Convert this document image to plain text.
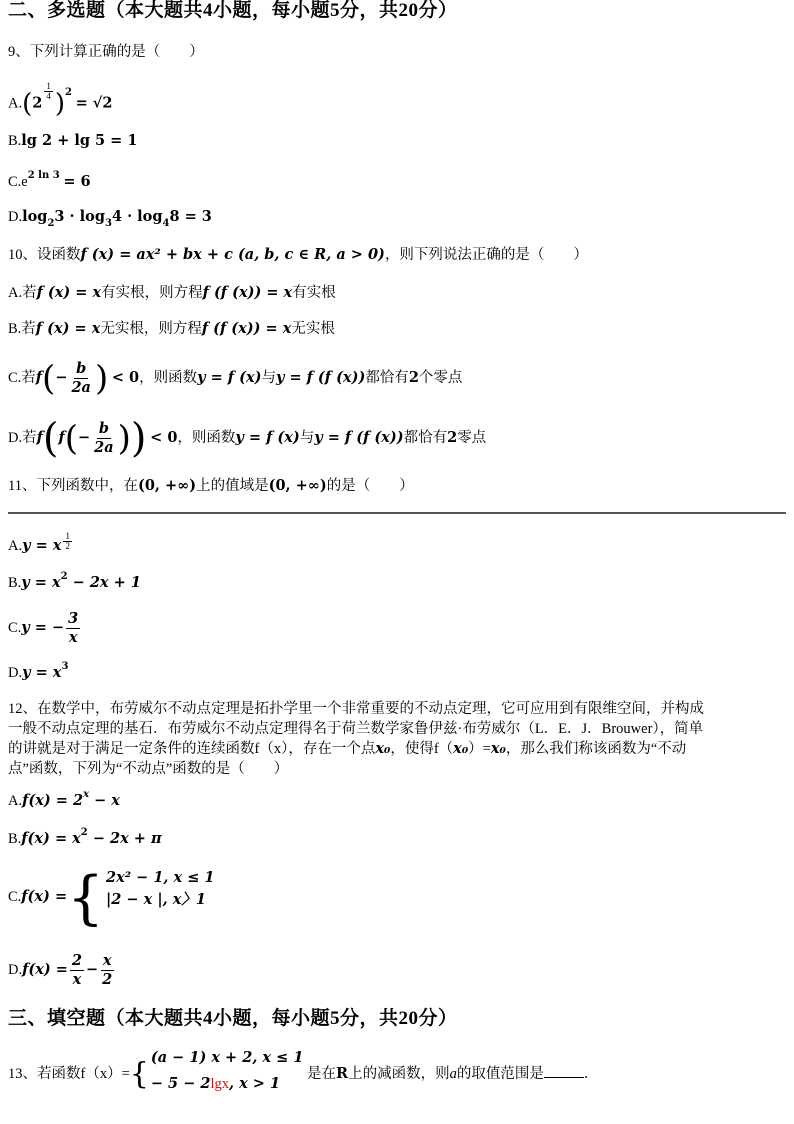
二、多选题（本大题共4小题，每小题5分，共20分）
9、下列计算正确的是（　　）
A.(2
$\frac{1}{4} )^2 = √2$
B.lg 2 + lg 5 = 1
$C.e^{2 ln 3} = 6$
$D.\log_23 \cdot \log_34 \cdot \log_48 = 3$
10、设函数f (x) = ax² + bx + c (a, b, c ∈ R, a > 0)，则下列说法正确的是（　　）
A.若f (x) = x有实根，则方程f (f (x)) = x有实根
B.若f (x) = x无实根，则方程f (f (x)) = x无实根
C.若$f(- \frac{b}{2a}$ ) < 0，则函数y = f (x)与y = f (f (x))都恰有2个零点
D.若$f(f(- \frac{b}{2a}$ )) < 0，则函数y = f (x)与y = f (f (x))都恰有2零点
11、下列函数中，在(0, +∞)上的值域是(0, +∞)的是（　　）
A.y = x $\frac{1}{2}$
$B.y = x^2 - 2x + 1$
C.y = − $\frac{3}{x}$
$D.y = x^3$
12、在数学中，布劳威尔不动点定理是拓扑学里一个非常重要的不动点定理，它可应用到有限维空间，并构成
一般不动点定理的基石．布劳威尔不动点定理得名于荷兰数学家鲁伊兹·布劳威尔（L．E．J．Brouwer），简单
的讲就是对于满足一定条件的连续函数f（x），存在一个点x₀，使得f（x₀）=x₀，那么我们称该函数为“不动
点”函数，下列为“不动点”函数的是（　　）
$A.f(x) = 2^x - x$
$B.f(x) = x^2 - 2x + \pi$
C.f(x) ={ 2x² − 1, x ≤ 1
|2 − x |, x〉1
$D.f(x) = \frac{2}{x} - \frac{x}{2}$
三、填空题（本大题共4小题，每小题5分，共20分）
13、若函数f（x）={ (a − 1) x + 2, x ≤ 1
− 5 − 2lgx, x > 1
是在R上的减函数，则a的取值范围是	．
